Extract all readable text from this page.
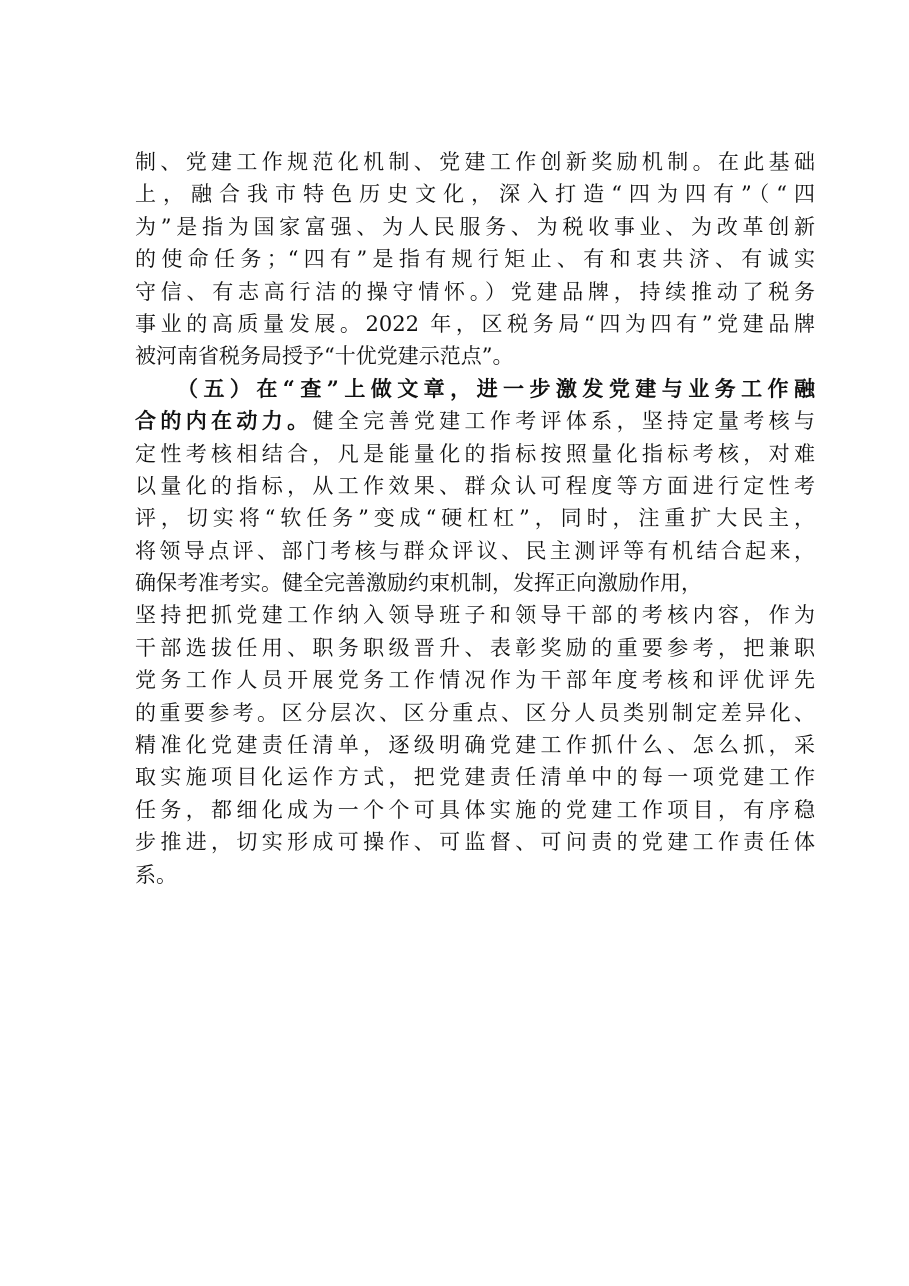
制、党建工作规范化机制、党建工作创新奖励机制。在此基础
上，融合我市特色历史文化，深入打造“四为四有”（“四
为”是指为国家富强、为人民服务、为税收事业、为改革创新
的使命任务；“四有”是指有规行矩止、有和衷共济、有诚实
守信、有志高行洁的操守情怀。）党建品牌，持续推动了税务
事业的高质量发展。2022 年，区税务局“四为四有”党建品牌
被河南省税务局授予“十优党建示范点”。
（五）在“查”上做文章，进一步激发党建与业务工作融
合的内在动力。健全完善党建工作考评体系，坚持定量考核与
定性考核相结合，凡是能量化的指标按照量化指标考核，对难
以量化的指标，从工作效果、群众认可程度等方面进行定性考
评，切实将“软任务”变成“硬杠杠”，同时，注重扩大民主，
将领导点评、部门考核与群众评议、民主测评等有机结合起来，
确保考准考实。健全完善激励约束机制，发挥正向激励作用，
坚持把抓党建工作纳入领导班子和领导干部的考核内容，作为
干部选拔任用、职务职级晋升、表彰奖励的重要参考，把兼职
党务工作人员开展党务工作情况作为干部年度考核和评优评先
的重要参考。区分层次、区分重点、区分人员类别制定差异化、
精准化党建责任清单，逐级明确党建工作抓什么、怎么抓，采
取实施项目化运作方式，把党建责任清单中的每一项党建工作
任务，都细化成为一个个可具体实施的党建工作项目，有序稳
步推进，切实形成可操作、可监督、可问责的党建工作责任体
系。
